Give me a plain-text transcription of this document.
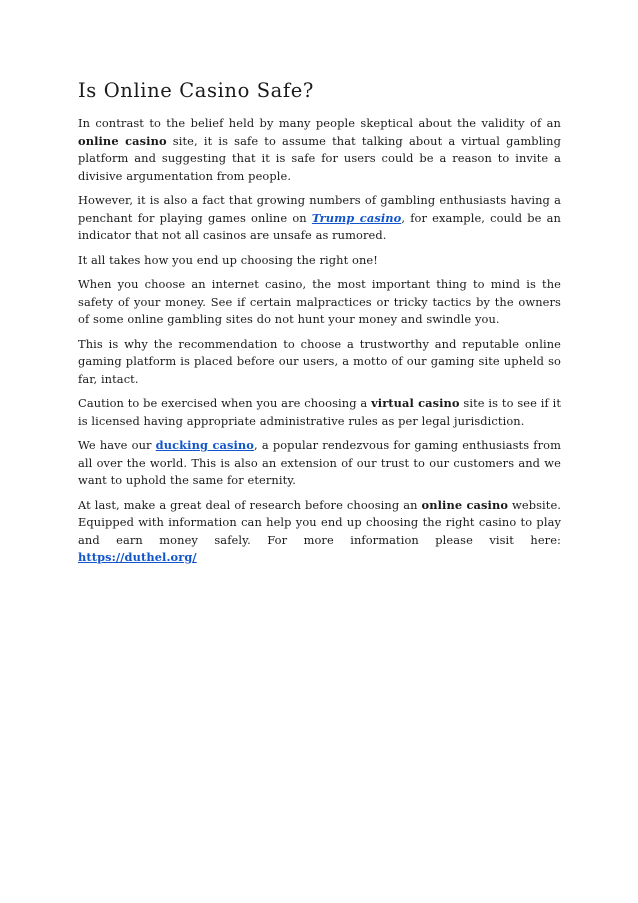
Is Online Casino Safe?

In contrast to the belief held by many people skeptical about the validity of an online casino site, it is safe to assume that talking about a virtual gambling platform and suggesting that it is safe for users could be a reason to invite a divisive argumentation from people.

However, it is also a fact that growing numbers of gambling enthusiasts having a penchant for playing games online on Trump casino, for example, could be an indicator that not all casinos are unsafe as rumored.

It all takes how you end up choosing the right one!

When you choose an internet casino, the most important thing to mind is the safety of your money. See if certain malpractices or tricky tactics by the owners of some online gambling sites do not hunt your money and swindle you.

This is why the recommendation to choose a trustworthy and reputable online gaming platform is placed before our users, a motto of our gaming site upheld so far, intact.

Caution to be exercised when you are choosing a virtual casino site is to see if it is licensed having appropriate administrative rules as per legal jurisdiction.

We have our ducking casino, a popular rendezvous for gaming enthusiasts from all over the world. This is also an extension of our trust to our customers and we want to uphold the same for eternity.

At last, make a great deal of research before choosing an online casino website. Equipped with information can help you end up choosing the right casino to play and earn money safely. For more information please visit here: https://duthel.org/
